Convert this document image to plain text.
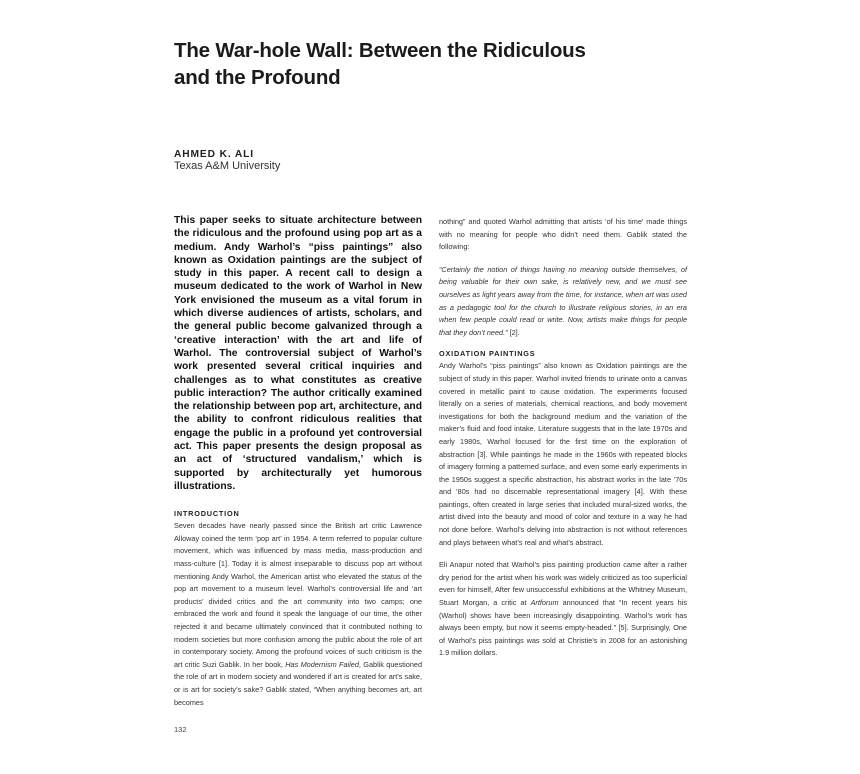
The War-hole Wall: Between the Ridiculous and the Profound
AHMED K. ALI
Texas A&M University

This paper seeks to situate architecture between the ridiculous and the profound using pop art as a medium. Andy Warhol’s “piss paintings” also known as Oxidation paintings are the subject of study in this paper. A recent call to design a museum dedicated to the work of Warhol in New York envisioned the museum as a vital forum in which diverse audiences of artists, scholars, and the general public become galvanized through a ‘creative interaction’ with the art and life of Warhol. The controversial subject of Warhol’s work presented several critical inquiries and challenges as to what constitutes as creative public interaction? The author critically examined the relationship between pop art, architecture, and the ability to confront ridiculous realities that engage the public in a profound yet controversial act. This paper presents the design proposal as an act of ‘structured vandalism,’ which is supported by architecturally yet humorous illustrations.

INTRODUCTION

Seven decades have nearly passed since the British art critic Lawrence Alloway coined the term ‘pop art’ in 1954. A term referred to popular culture movement, which was influenced by mass media, mass-production and mass-culture [1]. Today it is almost inseparable to discuss pop art without mentioning Andy Warhol, the American artist who elevated the status of the pop art movement to a museum level. Warhol’s controversial life and ‘art products’ divided critics and the art community into two camps; one embraced the work and found it speak the language of our time, the other rejected it and became ultimately convinced that it contributed nothing to modern societies but more confusion among the public about the role of art in contemporary society. Among the profound voices of such criticism is the art critic Suzi Gablik. In her book, Has Modernism Failed, Gablik questioned the role of art in modern society and wondered if art is created for art’s sake, or is art for society’s sake? Gablik stated, “When anything becomes art, art becomes

nothing” and quoted Warhol admitting that artists ‘of his time’ made things with no meaning for people who didn’t need them. Gablik stated the following:

“Certainly the notion of things having no meaning outside themselves, of being valuable for their own sake, is relatively new, and we must see ourselves as light years away from the time, for instance, when art was used as a pedagogic tool for the church to illustrate religious stories, in an era when few people could read or write. Now, artists make things for people that they don’t need.” [2].

OXIDATION PAINTINGS

Andy Warhol’s “piss paintings” also known as Oxidation paintings are the subject of study in this paper. Warhol invited friends to urinate onto a canvas covered in metallic paint to cause oxidation. The experiments focused literally on a series of materials, chemical reactions, and body movement investigations for both the background medium and the variation of the maker’s fluid and food intake. Literature suggests that in the late 1970s and early 1980s, Warhol focused for the first time on the exploration of abstraction [3]. While paintings he made in the 1960s with repeated blocks of imagery forming a patterned surface, and even some early experiments in the 1950s suggest a specific abstraction, his abstract works in the late ’70s and ’80s had no discernable representational imagery [4]. With these paintings, often created in large series that included mural-sized works, the artist dived into the beauty and mood of color and texture in a way he had not done before. Warhol’s delving into abstraction is not without references and plays between what’s real and what’s abstract.

Eli Anapur noted that Warhol’s piss painting production came after a rather dry period for the artist when his work was widely criticized as too superficial even for himself, After few unsuccessful exhibitions at the Whitney Museum, Stuart Morgan, a critic at Artforum announced that “In recent years his (Warhol) shows have been increasingly disappointing. Warhol’s work has always been empty, but now it seems empty-headed.” [5]. Surprisingly, One of Warhol’s piss paintings was sold at Christie’s in 2008 for an astonishing 1.9 million dollars.

132
